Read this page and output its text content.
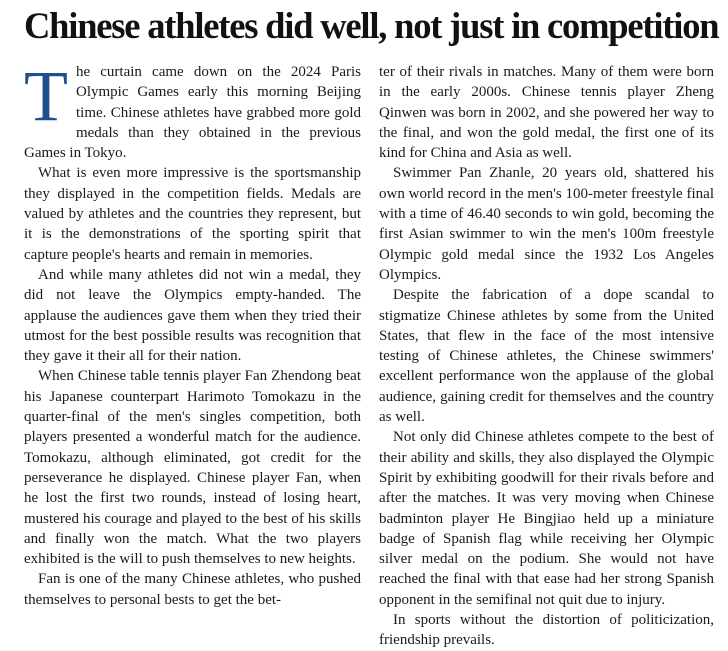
Chinese athletes did well, not just in competition

The curtain came down on the 2024 Paris Olympic Games early this morning Beijing time. Chinese athletes have grabbed more gold medals than they obtained in the previous Games in Tokyo.

What is even more impressive is the sportsmanship they displayed in the competition fields. Medals are valued by athletes and the countries they represent, but it is the demonstrations of the sporting spirit that capture people's hearts and remain in memories.

And while many athletes did not win a medal, they did not leave the Olympics empty-handed. The applause the audiences gave them when they tried their utmost for the best possible results was recognition that they gave it their all for their nation.

When Chinese table tennis player Fan Zhendong beat his Japanese counterpart Harimoto Tomokazu in the quarter-final of the men's singles competition, both players presented a wonderful match for the audience. Tomokazu, although eliminated, got credit for the perseverance he displayed. Chinese player Fan, when he lost the first two rounds, instead of losing heart, mustered his courage and played to the best of his skills and finally won the match. What the two players exhibited is the will to push themselves to new heights.

Fan is one of the many Chinese athletes, who pushed themselves to personal bests to get the bet-

ter of their rivals in matches. Many of them were born in the early 2000s. Chinese tennis player Zheng Qinwen was born in 2002, and she powered her way to the final, and won the gold medal, the first one of its kind for China and Asia as well.

Swimmer Pan Zhanle, 20 years old, shattered his own world record in the men's 100-meter freestyle final with a time of 46.40 seconds to win gold, becoming the first Asian swimmer to win the men's 100m freestyle Olympic gold medal since the 1932 Los Angeles Olympics.

Despite the fabrication of a dope scandal to stigmatize Chinese athletes by some from the United States, that flew in the face of the most intensive testing of Chinese athletes, the Chinese swimmers' excellent performance won the applause of the global audience, gaining credit for themselves and the country as well.

Not only did Chinese athletes compete to the best of their ability and skills, they also displayed the Olympic Spirit by exhibiting goodwill for their rivals before and after the matches. It was very moving when Chinese badminton player He Bingjiao held up a miniature badge of Spanish flag while receiving her Olympic silver medal on the podium. She would not have reached the final with that ease had her strong Spanish opponent in the semifinal not quit due to injury.

In sports without the distortion of politicization, friendship prevails.
